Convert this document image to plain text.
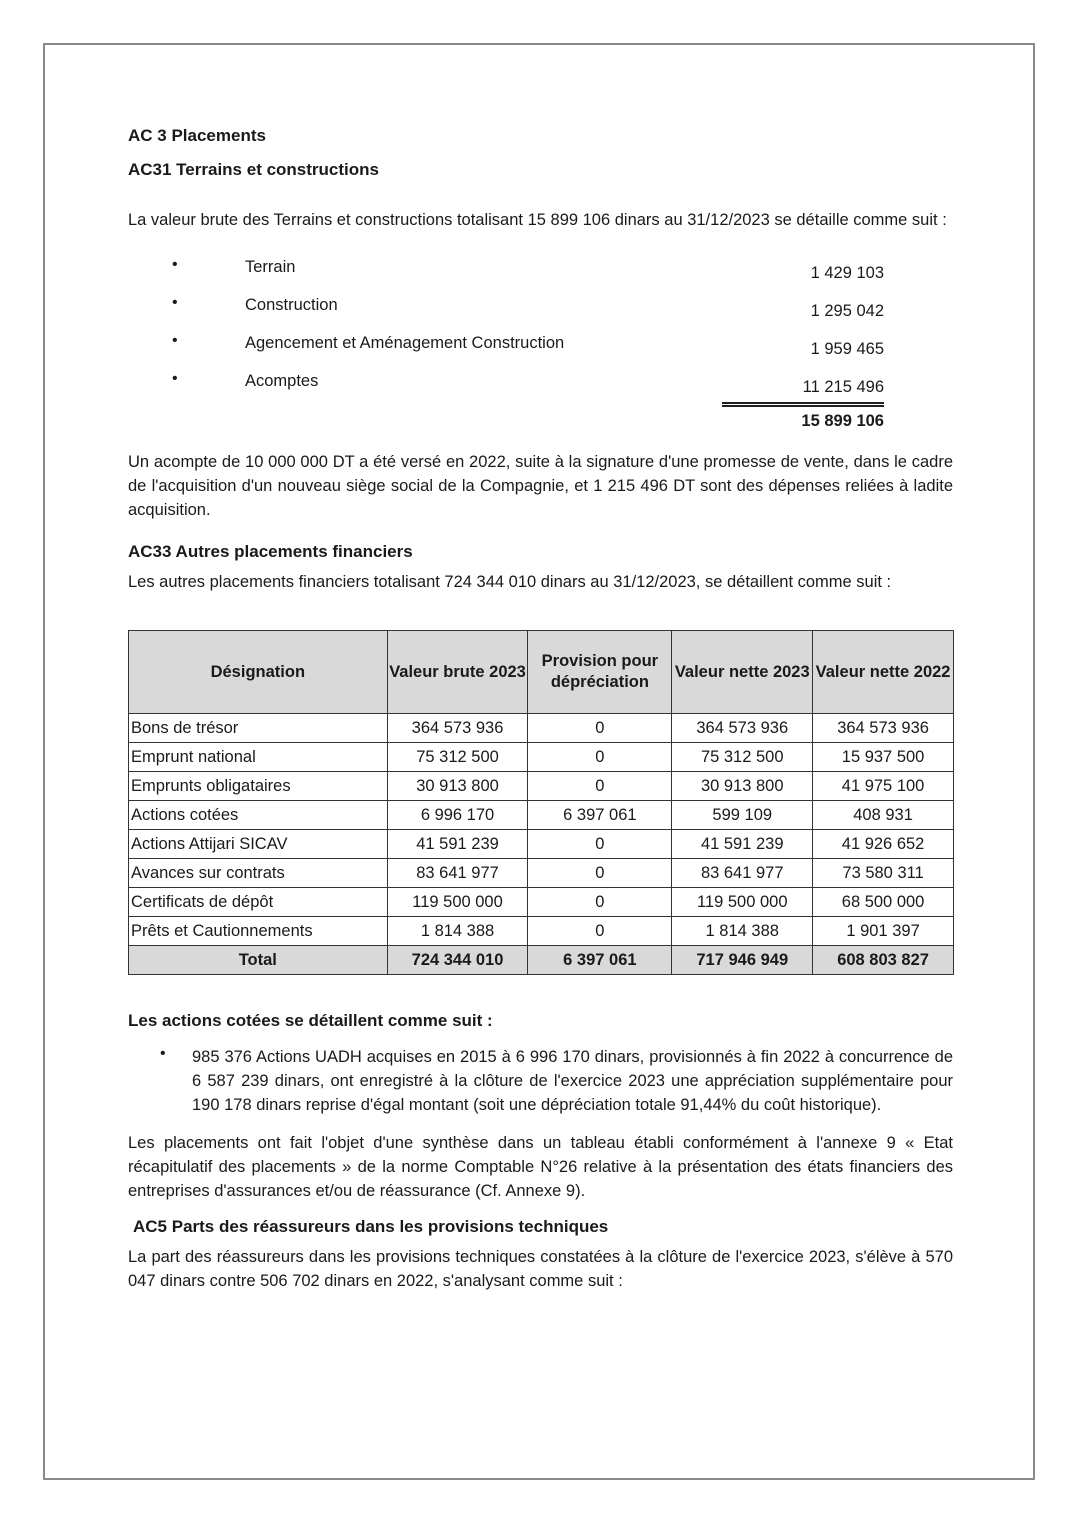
AC 3 Placements

AC31 Terrains et constructions

La valeur brute des Terrains et constructions totalisant 15 899 106 dinars au 31/12/2023 se détaille comme suit :

•	Terrain	1 429 103
•	Construction	1 295 042
•	Agencement et Aménagement Construction	1 959 465
•	Acomptes	11 215 496
15 899 106

Un acompte de 10 000 000 DT a été versé en 2022, suite à la signature d'une promesse de vente, dans le cadre de l'acquisition d'un nouveau siège social de la Compagnie, et 1 215 496 DT sont des dépenses reliées à ladite acquisition.

AC33 Autres placements financiers

Les autres placements financiers totalisant 724 344 010 dinars au 31/12/2023, se détaillent comme suit :

Désignation	Valeur brute 2023	Provision pour dépréciation	Valeur nette 2023	Valeur nette 2022
Bons de trésor	364 573 936	0	364 573 936	364 573 936
Emprunt national	75 312 500	0	75 312 500	15 937 500
Emprunts obligataires	30 913 800	0	30 913 800	41 975 100
Actions cotées	6 996 170	6 397 061	599 109	408 931
Actions Attijari SICAV	41 591 239	0	41 591 239	41 926 652
Avances sur contrats	83 641 977	0	83 641 977	73 580 311
Certificats de dépôt	119 500 000	0	119 500 000	68 500 000
Prêts et Cautionnements	1 814 388	0	1 814 388	1 901 397
Total	724 344 010	6 397 061	717 946 949	608 803 827

Les actions cotées se détaillent comme suit :

• 985 376 Actions UADH acquises en 2015 à 6 996 170 dinars, provisionnés à fin 2022 à concurrence de 6 587 239 dinars, ont enregistré à la clôture de l'exercice 2023 une appréciation supplémentaire pour 190 178 dinars reprise d'égal montant (soit une dépréciation totale 91,44% du coût historique).

Les placements ont fait l'objet d'une synthèse dans un tableau établi conformément à l'annexe 9 « Etat récapitulatif des placements » de la norme Comptable N°26 relative à la présentation des états financiers des entreprises d'assurances et/ou de réassurance (Cf. Annexe 9).

AC5 Parts des réassureurs dans les provisions techniques

La part des réassureurs dans les provisions techniques constatées à la clôture de l'exercice 2023, s'élève à 570 047 dinars contre 506 702 dinars en 2022, s'analysant comme suit :
